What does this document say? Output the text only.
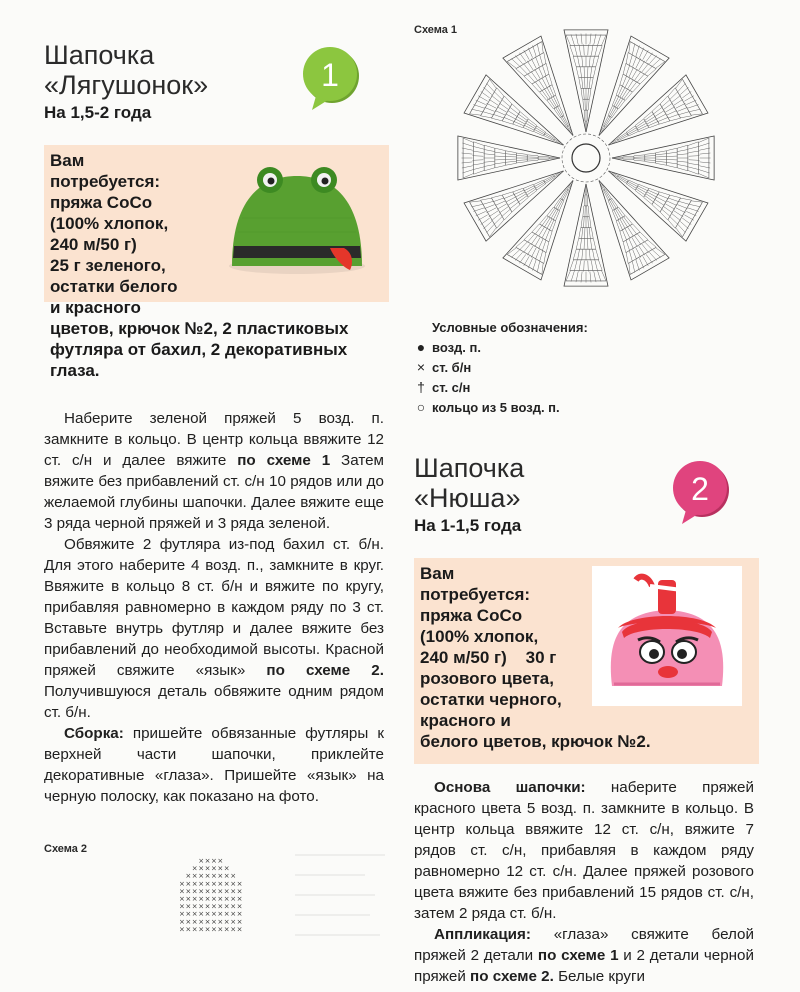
Шапочка
«Лягушонок»
На 1,5-2 года
1
Вам
потребуется:
пряжа CoCo
(100% хлопок,
240 м/50 г)
25 г зеленого,
остатки белого
и красного
цветов, крючок №2, 2 пластиковых
футляра от бахил, 2 декоративных
глаза.

Наберите зеленой пряжей 5 возд. п. замкните в кольцо. В центр кольца ввяжите 12 ст. с/н и далее вяжите по схеме 1 Затем вяжите без прибавлений ст. с/н 10 рядов или до желаемой глубины шапочки. Далее вяжите еще 3 ряда черной пряжей и 3 ряда зеленой.

Обвяжите 2 футляра из-под бахил ст. б/н. Для этого наберите 4 возд. п., замкните в круг. Ввяжите в кольцо 8 ст. б/н и вяжите по кругу, прибавляя равномерно в каждом ряду по 3 ст. Вставьте внутрь футляр и далее вяжите без прибавлений до необходимой высоты. Красной пряжей свяжите «язык» по схеме 2. Получившуюся деталь обвяжите одним рядом ст. б/н.

Сборка: пришейте обвязанные футляры к верхней части шапочки, приклейте декоративные «глаза». Пришейте «язык» на черную полоску, как показано на фото.

Схема 2
× × × ×
× × × × × ×
× × × × × × × ×
× × × × × × × × × ×
× × × × × × × × × ×
× × × × × × × × × ×
× × × × × × × × × ×
× × × × × × × × × ×
× × × × × × × × × ×
× × × × × × × × × ×
Схема 1
Условные обозначения:
● возд. п.
× ст. б/н
† ст. с/н
○ кольцо из 5 возд. п.
Шапочка
«Нюша»
На 1-1,5 года
2
Вам
потребуется:
пряжа CoCo
(100% хлопок,
240 м/50 г)    30 г
розового цвета,
остатки черного,
красного и
белого цветов, крючок №2.

Основа шапочки: наберите пряжей красного цвета 5 возд. п. замкните в кольцо. В центр кольца ввяжите 12 ст. с/н, вяжите 7 рядов ст. с/н, прибавляя в каждом ряду равномерно 12 ст. с/н. Далее пряжей розового цвета вяжите без прибавлений 15 рядов ст. с/н, затем 2 ряда ст. б/н.

Аппликация: «глаза» свяжите белой пряжей 2 детали по схеме 1 и 2 детали черной пряжей по схеме 2. Белые круги
